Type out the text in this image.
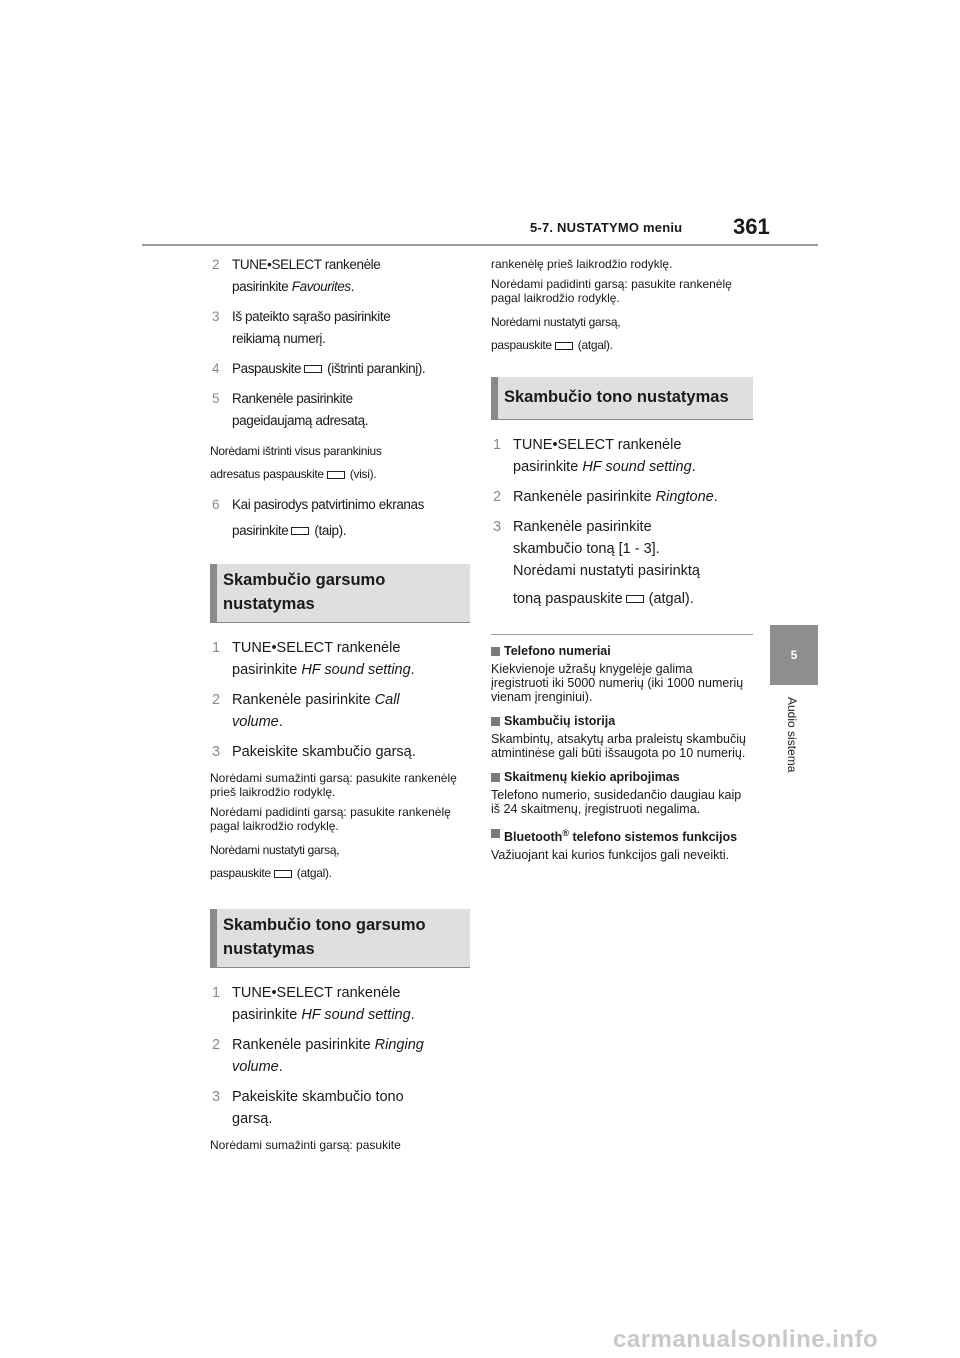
5-7. NUSTATYMO meniu 361
5
Audio sistema
2 TUNE•SELECT rankenėle
pasirinkite Favourites.
3 Iš pateikto sąrašo pasirinkite
reikiamą numerį.
4 Paspauskite (ištrinti parankinį).
5 Rankenėle pasirinkite
pageidaujamą adresatą.
Norėdami ištrinti visus parankinius
adresatus paspauskite (visi).
6 Kai pasirodys patvirtinimo ekranas
pasirinkite (taip).
Skambučio garsumo
nustatymas
1 TUNE•SELECT rankenėle
pasirinkite HF sound setting.
2 Rankenėle pasirinkite Call
volume.
3 Pakeiskite skambučio garsą.
Norėdami sumažinti garsą: pasukite rankenėlę prieš laikrodžio rodyklę.
Norėdami padidinti garsą: pasukite rankenėlę pagal laikrodžio rodyklę.
Norėdami nustatyti garsą,
paspauskite (atgal).
Skambučio tono garsumo
nustatymas
1 TUNE•SELECT rankenėle
pasirinkite HF sound setting.
2 Rankenėle pasirinkite Ringing
volume.
3 Pakeiskite skambučio tono
garsą.
Norėdami sumažinti garsą: pasukite
rankenėlę prieš laikrodžio rodyklę.
Norėdami padidinti garsą: pasukite rankenėlę pagal laikrodžio rodyklę.
Norėdami nustatyti garsą,
paspauskite (atgal).
Skambučio tono nustatymas
1 TUNE•SELECT rankenėle
pasirinkite HF sound setting.
2 Rankenėle pasirinkite Ringtone.
3 Rankenėle pasirinkite
skambučio toną [1 - 3].
Norėdami nustatyti pasirinktą
toną paspauskite (atgal).
Telefono numeriai
Kiekvienoje užrašų knygelėje galima įregistruoti iki 5000 numerių (iki 1000 numerių vienam įrenginiui).
Skambučių istorija
Skambintų, atsakytų arba praleistų skambučių atmintinėse gali būti išsaugota po 10 numerių.
Skaitmenų kiekio apribojimas
Telefono numerio, susidedančio daugiau kaip iš 24 skaitmenų, įregistruoti negalima.
Bluetooth® telefono sistemos funkcijos
Važiuojant kai kurios funkcijos gali neveikti.
carmanualsonline.info
